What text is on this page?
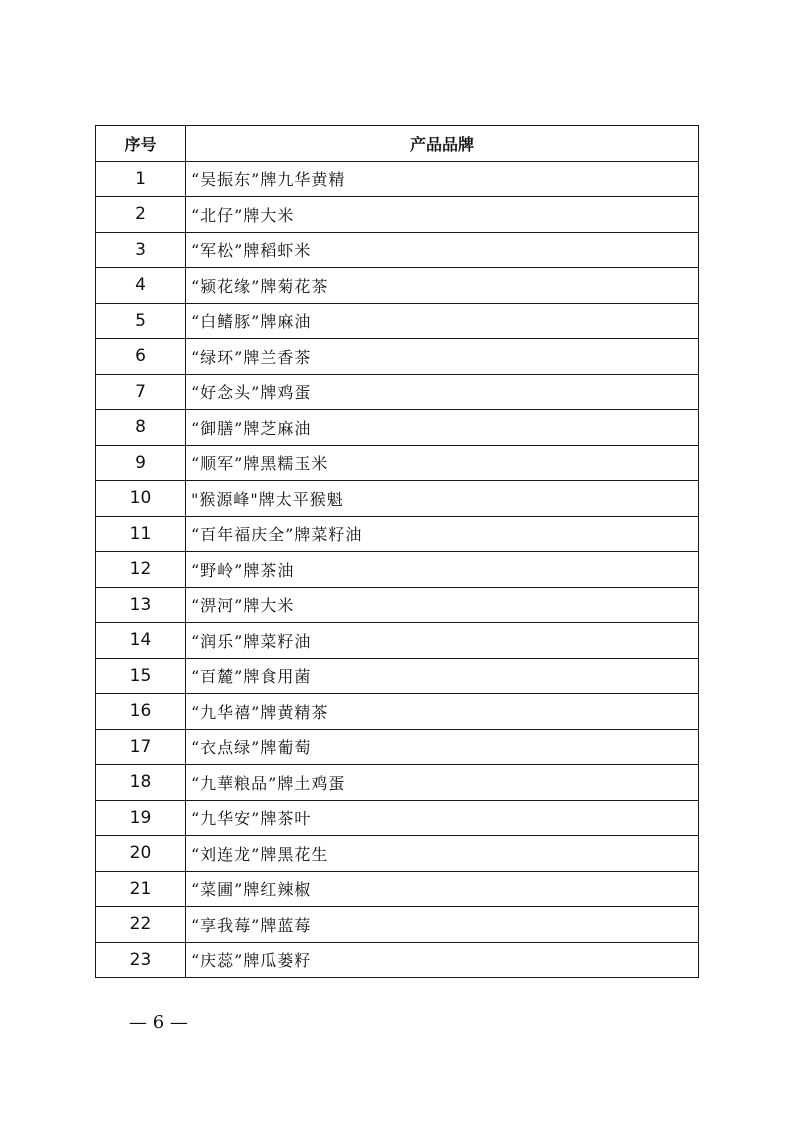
序号	产品品牌
1	“吴振东”牌九华黄精
2	“北仔”牌大米
3	“军松”牌稻虾米
4	“颍花缘”牌菊花茶
5	“白鳍豚”牌麻油
6	“绿环”牌兰香茶
7	“好念头”牌鸡蛋
8	“御膳”牌芝麻油
9	“顺军”牌黑糯玉米
10	"猴源峰"牌太平猴魁
11	“百年福庆全”牌菜籽油
12	“野岭”牌茶油
13	“淠河”牌大米
14	“润乐”牌菜籽油
15	“百麓”牌食用菌
16	“九华禧”牌黄精茶
17	“衣点绿”牌葡萄
18	“九華粮品”牌土鸡蛋
19	“九华安”牌茶叶
20	“刘连龙”牌黑花生
21	“菜圃”牌红辣椒
22	“享我莓”牌蓝莓
23	“庆蕊”牌瓜蒌籽
— 6 —
